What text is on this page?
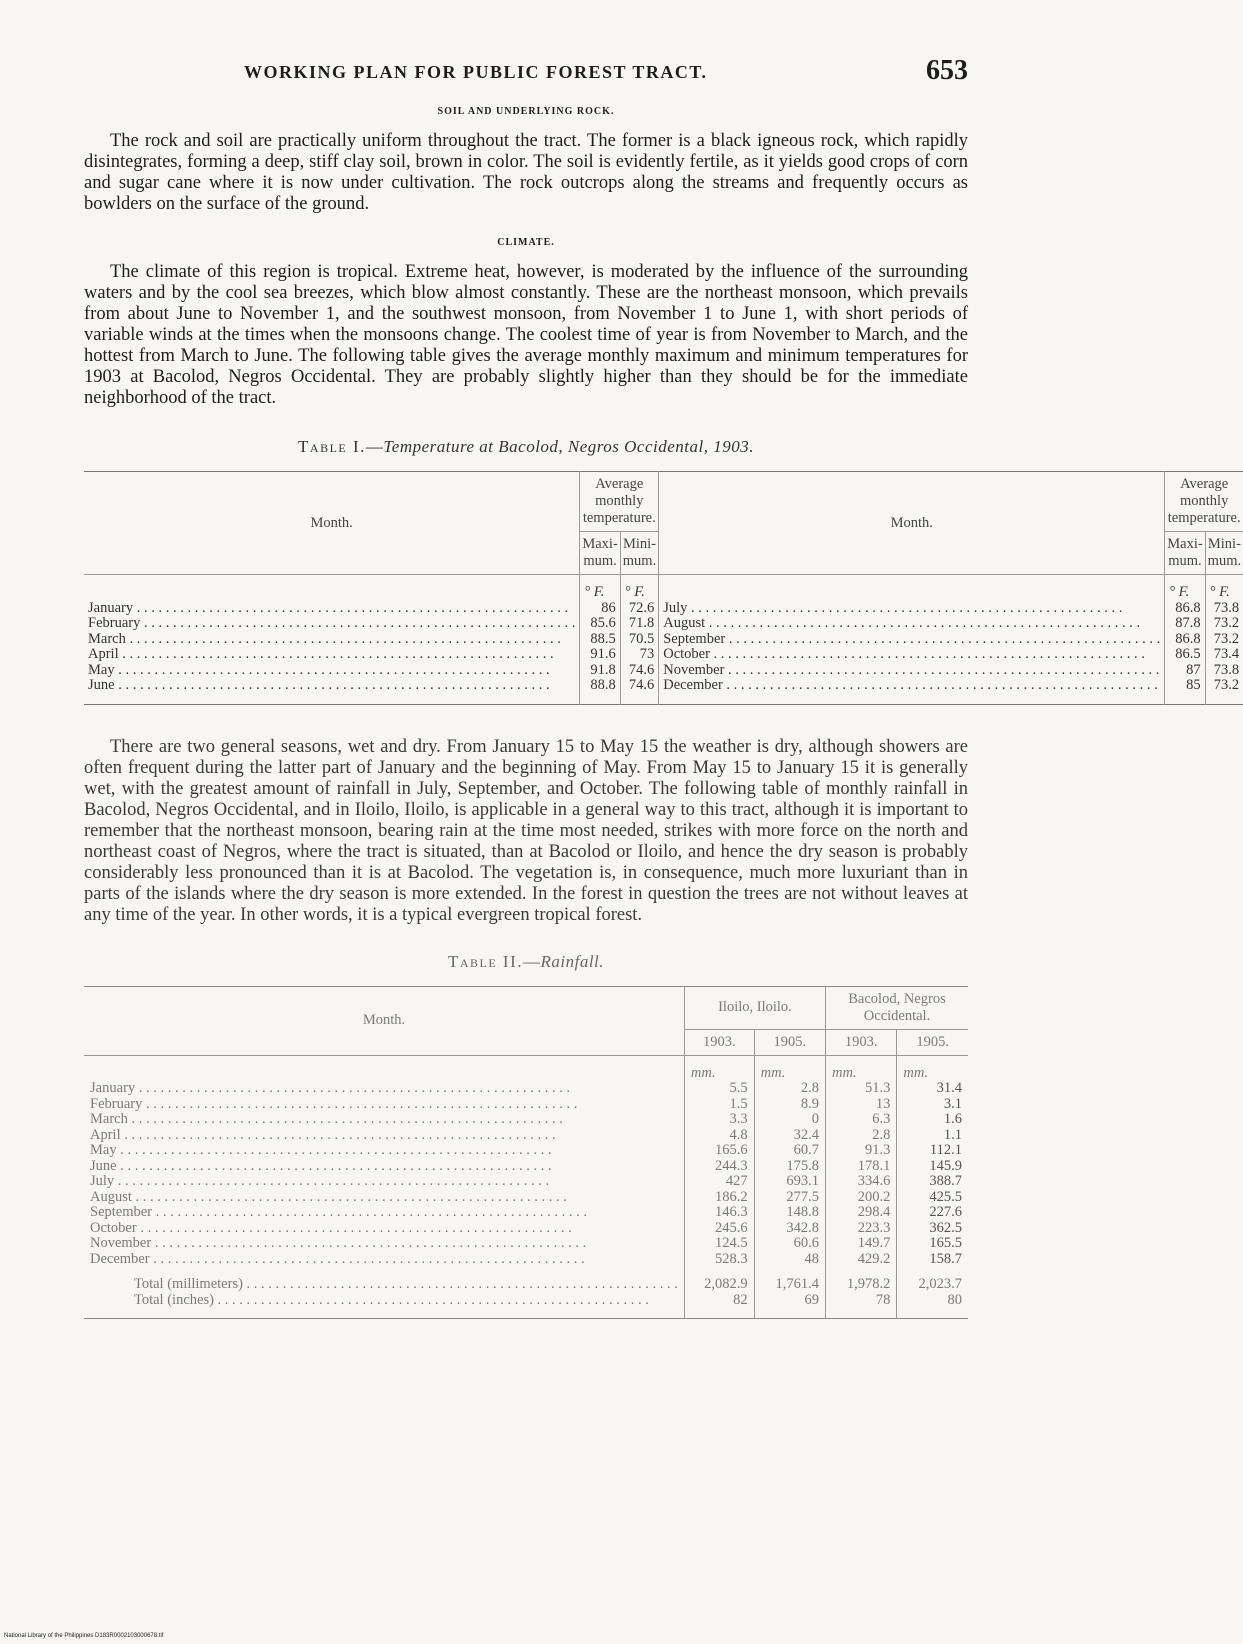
WORKING PLAN FOR PUBLIC FOREST TRACT.	653
SOIL AND UNDERLYING ROCK.

The rock and soil are practically uniform throughout the tract. The former is a black igneous rock, which rapidly disintegrates, forming a deep, stiff clay soil, brown in color. The soil is evidently fertile, as it yields good crops of corn and sugar cane where it is now under cultivation. The rock outcrops along the streams and frequently occurs as bowlders on the surface of the ground.

CLIMATE.

The climate of this region is tropical. Extreme heat, however, is moderated by the influence of the surrounding waters and by the cool sea breezes, which blow almost constantly. These are the northeast monsoon, which prevails from about June to November 1, and the southwest monsoon, from November 1 to June 1, with short periods of variable winds at the times when the monsoons change. The coolest time of year is from November to March, and the hottest from March to June. The following table gives the average monthly maximum and minimum temperatures for 1903 at Bacolod, Negros Occidental. They are probably slightly higher than they should be for the immediate neighborhood of the tract.

Table I.—Temperature at Bacolod, Negros Occidental, 1903.
Month.	Average monthly temperature.		Month.	Average monthly temperature.	
	Maxi-mum.	Mini-mum.		Maxi-mum.	Mini-mum.

	° F.	° F.		° F.	° F.
January . . . . . . . . . . . . . . . . . . . . . . . . . . . . . . . . . . . . . . . . . . . . . . . . . . . . . . . . . . . .	86	72.6	July . . . . . . . . . . . . . . . . . . . . . . . . . . . . . . . . . . . . . . . . . . . . . . . . . . . . . . . . . . . .	86.8	73.8
February . . . . . . . . . . . . . . . . . . . . . . . . . . . . . . . . . . . . . . . . . . . . . . . . . . . . . . . . . . . .	85.6	71.8	August . . . . . . . . . . . . . . . . . . . . . . . . . . . . . . . . . . . . . . . . . . . . . . . . . . . . . . . . . . . .	87.8	73.2
March . . . . . . . . . . . . . . . . . . . . . . . . . . . . . . . . . . . . . . . . . . . . . . . . . . . . . . . . . . . .	88.5	70.5	September . . . . . . . . . . . . . . . . . . . . . . . . . . . . . . . . . . . . . . . . . . . . . . . . . . . . . . . . . . . .	86.8	73.2
April . . . . . . . . . . . . . . . . . . . . . . . . . . . . . . . . . . . . . . . . . . . . . . . . . . . . . . . . . . . .	91.6	73	October . . . . . . . . . . . . . . . . . . . . . . . . . . . . . . . . . . . . . . . . . . . . . . . . . . . . . . . . . . . .	86.5	73.4
May . . . . . . . . . . . . . . . . . . . . . . . . . . . . . . . . . . . . . . . . . . . . . . . . . . . . . . . . . . . .	91.8	74.6	November . . . . . . . . . . . . . . . . . . . . . . . . . . . . . . . . . . . . . . . . . . . . . . . . . . . . . . . . . . . .	87	73.8
June . . . . . . . . . . . . . . . . . . . . . . . . . . . . . . . . . . . . . . . . . . . . . . . . . . . . . . . . . . . .	88.8	74.6	December . . . . . . . . . . . . . . . . . . . . . . . . . . . . . . . . . . . . . . . . . . . . . . . . . . . . . . . . . . . .	85	73.2

There are two general seasons, wet and dry. From January 15 to May 15 the weather is dry, although showers are often frequent during the latter part of January and the beginning of May. From May 15 to January 15 it is generally wet, with the greatest amount of rainfall in July, September, and October. The following table of monthly rainfall in Bacolod, Negros Occidental, and in Iloilo, Iloilo, is applicable in a general way to this tract, although it is important to remember that the northeast monsoon, bearing rain at the time most needed, strikes with more force on the north and northeast coast of Negros, where the tract is situated, than at Bacolod or Iloilo, and hence the dry season is probably considerably less pronounced than it is at Bacolod. The vegetation is, in consequence, much more luxuriant than in parts of the islands where the dry season is more extended. In the forest in question the trees are not without leaves at any time of the year. In other words, it is a typical evergreen tropical forest.

Table II.—Rainfall.
Month.	Iloilo, Iloilo.		Bacolod, Negros Occidental.	
	1903.	1905.	1903.	1905.

	mm.	mm.	mm.	mm.
January . . . . . . . . . . . . . . . . . . . . . . . . . . . . . . . . . . . . . . . . . . . . . . . . . . . . . . . . . . . .	5.5	2.8	51.3	31.4
February . . . . . . . . . . . . . . . . . . . . . . . . . . . . . . . . . . . . . . . . . . . . . . . . . . . . . . . . . . . .	1.5	8.9	13	3.1
March . . . . . . . . . . . . . . . . . . . . . . . . . . . . . . . . . . . . . . . . . . . . . . . . . . . . . . . . . . . .	3.3	0	6.3	1.6
April . . . . . . . . . . . . . . . . . . . . . . . . . . . . . . . . . . . . . . . . . . . . . . . . . . . . . . . . . . . .	4.8	32.4	2.8	1.1
May . . . . . . . . . . . . . . . . . . . . . . . . . . . . . . . . . . . . . . . . . . . . . . . . . . . . . . . . . . . .	165.6	60.7	91.3	112.1
June . . . . . . . . . . . . . . . . . . . . . . . . . . . . . . . . . . . . . . . . . . . . . . . . . . . . . . . . . . . .	244.3	175.8	178.1	145.9
July . . . . . . . . . . . . . . . . . . . . . . . . . . . . . . . . . . . . . . . . . . . . . . . . . . . . . . . . . . . .	427	693.1	334.6	388.7
August . . . . . . . . . . . . . . . . . . . . . . . . . . . . . . . . . . . . . . . . . . . . . . . . . . . . . . . . . . . .	186.2	277.5	200.2	425.5
September . . . . . . . . . . . . . . . . . . . . . . . . . . . . . . . . . . . . . . . . . . . . . . . . . . . . . . . . . . . .	146.3	148.8	298.4	227.6
October . . . . . . . . . . . . . . . . . . . . . . . . . . . . . . . . . . . . . . . . . . . . . . . . . . . . . . . . . . . .	245.6	342.8	223.3	362.5
November . . . . . . . . . . . . . . . . . . . . . . . . . . . . . . . . . . . . . . . . . . . . . . . . . . . . . . . . . . . .	124.5	60.6	149.7	165.5
December . . . . . . . . . . . . . . . . . . . . . . . . . . . . . . . . . . . . . . . . . . . . . . . . . . . . . . . . . . . .	528.3	48	429.2	158.7

Total (millimeters) . . . . . . . . . . . . . . . . . . . . . . . . . . . . . . . . . . . . . . . . . . . . . . . . . . . . . . . . . . . .	2,082.9	1,761.4	1,978.2	2,023.7
Total (inches) . . . . . . . . . . . . . . . . . . . . . . . . . . . . . . . . . . . . . . . . . . . . . . . . . . . . . . . . . . . .	82	69	78	80

National Library of the Philippines D183R0002103000678.tif
